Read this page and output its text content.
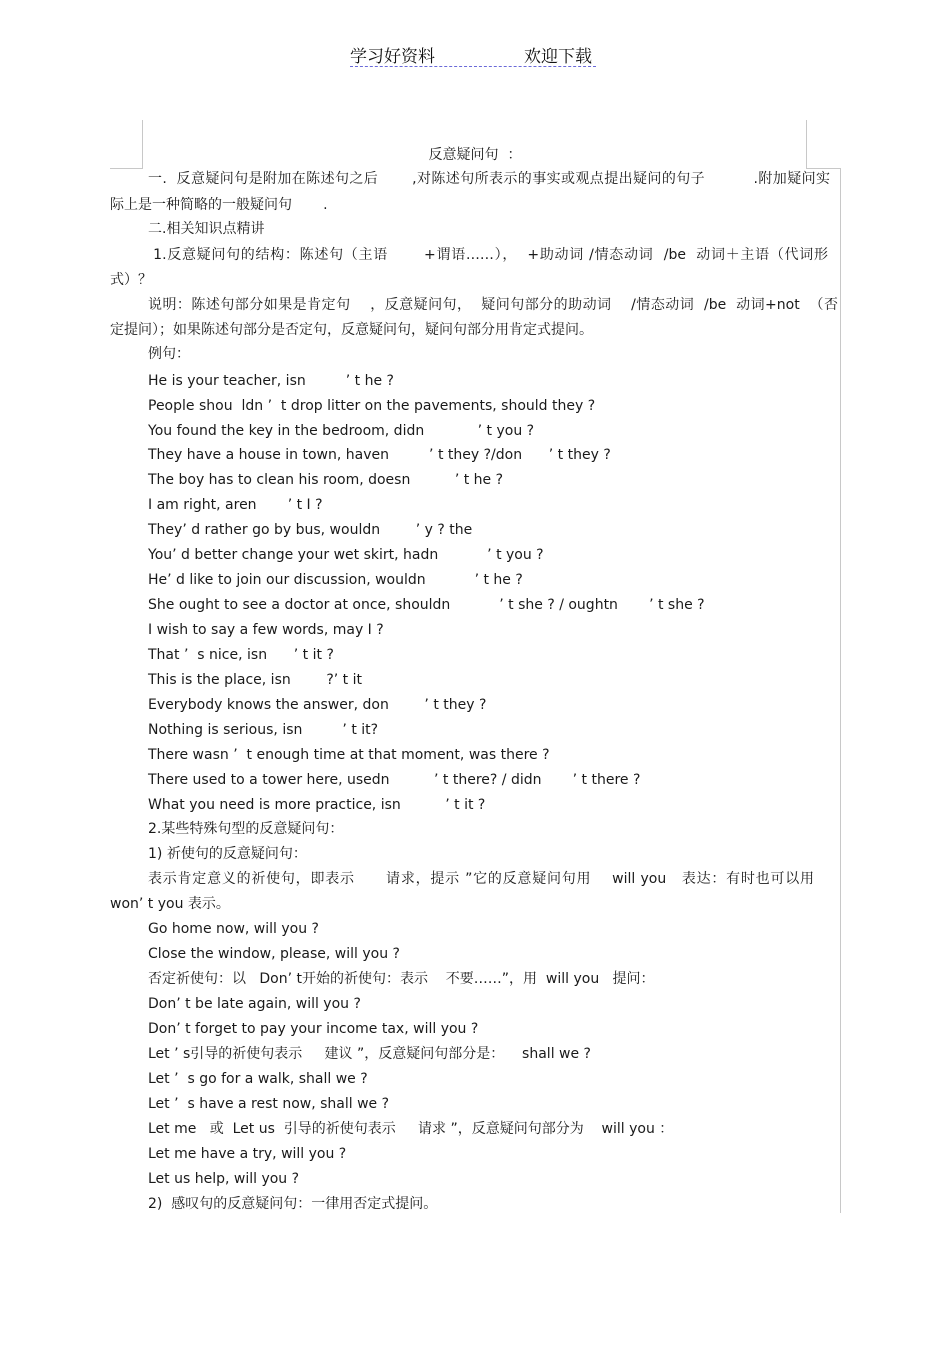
学习好资料	欢迎下载
反意疑问句  ：
一.  反意疑问句是附加在陈述句之后       ,对陈述句所表示的事实或观点提出疑问的句子          .附加疑问实
际上是一种简略的一般疑问句       .
二.相关知识点精讲
1.反意疑问句的结构：陈述句（主语       +谓语……），  +助动词 /情态动词  /be  动词＋主语（代词形
式）？
说明：陈述句部分如果是肯定句    ，反意疑问句，  疑问句部分的助动词    /情态动词  /be  动词+not  （否
定提问）；如果陈述句部分是否定句，反意疑问句，疑问句部分用肯定式提问。
例句：
He is your teacher, isn         ’ t he ?
People shou  ldn ’  t drop litter on the pavements, should they ?
You found the key in the bedroom, didn            ’ t you ?
They have a house in town, haven         ’ t they ?/don      ’ t they ?
The boy has to clean his room, doesn          ’ t he ?
I am right, aren       ’ t I ?
They’ d rather go by bus, wouldn        ’ y ? the
You’ d better change your wet skirt, hadn           ’ t you ?
He’ d like to join our discussion, wouldn           ’ t he ?
She ought to see a doctor at once, shouldn           ’ t she ? / oughtn       ’ t she ?
I wish to say a few words, may I ?
That ’  s nice, isn      ’ t it ?
This is the place, isn        ?’ t it
Everybody knows the answer, don        ’ t they ?
Nothing is serious, isn         ’ t it?
There wasn ’  t enough time at that moment, was there ?
There used to a tower here, usedn          ’ t there? / didn       ’ t there ?
What you need is more practice, isn          ’ t it ?
2.某些特殊句型的反意疑问句：
1) 祈使句的反意疑问句：
表示肯定意义的祈使句，即表示      请求，提示 ”它的反意疑问句用    will you   表达：有时也可以用
won’ t you 表示。
Go home now, will you ?
Close the window, please, will you ?
否定祈使句：以   Don’ t开始的祈使句：表示    不要……”，用  will you   提问：
Don’ t be late again, will you ?
Don’ t forget to pay your income tax, will you ?
Let ’ s引导的祈使句表示     建议 ”，反意疑问句部分是：    shall we ?
Let ’  s go for a walk, shall we ?
Let ’  s have a rest now, shall we ?
Let me   或  Let us  引导的祈使句表示     请求 ”，反意疑问句部分为    will you ：
Let me have a try, will you ?
Let us help, will you ?
2)  感叹句的反意疑问句：一律用否定式提问。
